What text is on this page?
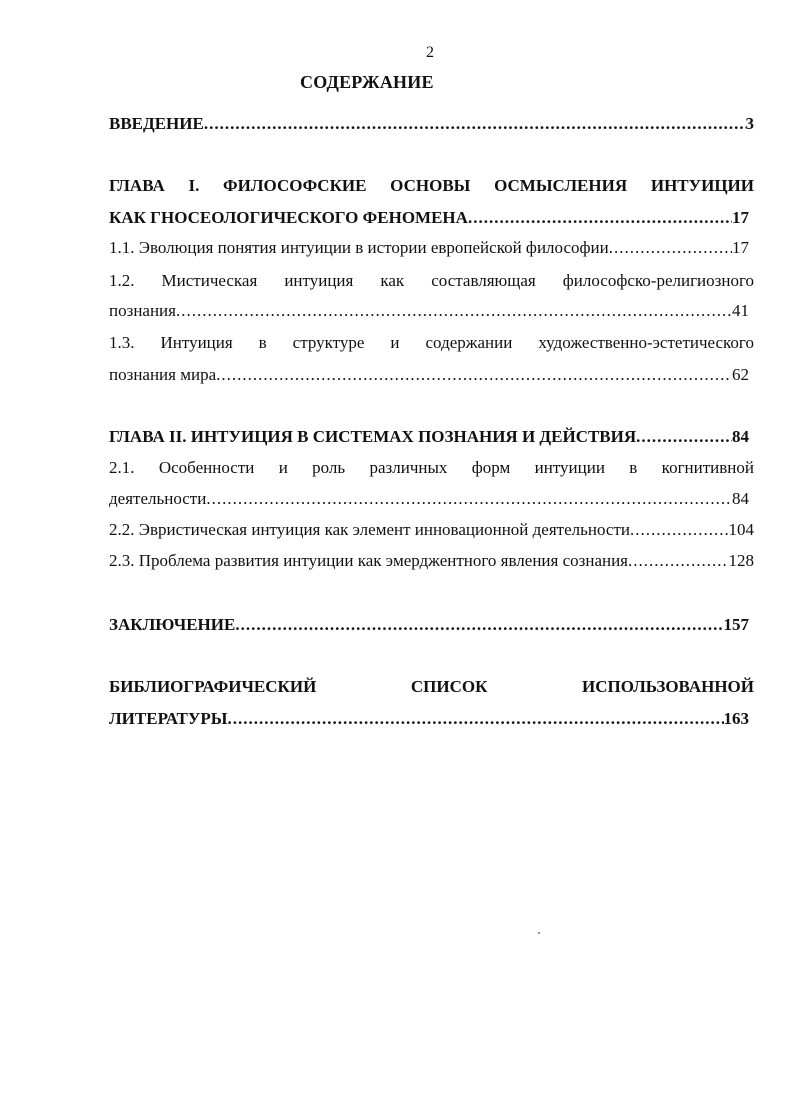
2
СОДЕРЖАНИЕ
ВВЕДЕНИЕ .....	3
ГЛАВА I. ФИЛОСОФСКИЕ ОСНОВЫ ОСМЫСЛЕНИЯ ИНТУИЦИИ
КАК ГНОСЕОЛОГИЧЕСКОГО ФЕНОМЕНА .....	17
1.1. Эволюция понятия интуиции в истории европейской философии .....	17
1.2. Мистическая интуиция как составляющая философско-религиозного
познания .....	41
1.3. Интуиция в структуре и содержании художественно-эстетического
познания мира .....	62
ГЛАВА II. ИНТУИЦИЯ В СИСТЕМАХ ПОЗНАНИЯ И ДЕЙСТВИЯ .....	84
2.1. Особенности и роль различных форм интуиции в когнитивной
деятельности .....	84
2.2. Эвристическая интуиция как элемент инновационной деятельности .....	104
2.3. Проблема развития интуиции как эмерджентного явления сознания .....	128
ЗАКЛЮЧЕНИЕ .....	157
БИБЛИОГРАФИЧЕСКИЙ СПИСОК ИСПОЛЬЗОВАННОЙ
ЛИТЕРАТУРЫ .....	163
